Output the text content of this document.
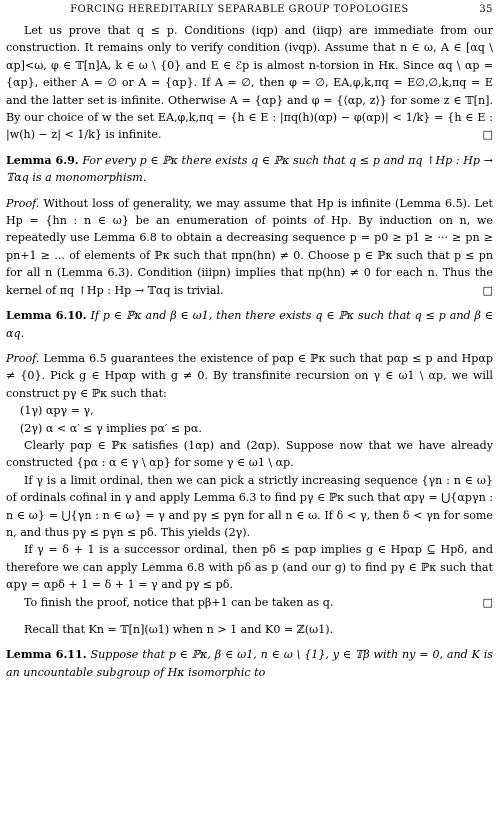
FORCING HEREDITARILY SEPARABLE GROUP TOPOLOGIES	35

Let us prove that q ≤ p. Conditions (iqp) and (iiqp) are immediate from our construction. It remains only to verify condition (ivqp). Assume that n ∈ ω, A ∈ [αq \ αp]<ω, φ ∈ 𝕋[n]A, k ∈ ω \ {0} and E ∈ ℰp is almost n-torsion in Hκ. Since αq \ αp = {αp}, either A = ∅ or A = {αp}. If A = ∅, then φ = ∅, EA,φ,k,πq = E∅,∅,k,πq = E and the latter set is infinite. Otherwise A = {αp} and φ = {⟨αp, z⟩} for some z ∈ 𝕋[n]. By our choice of w the set EA,φ,k,πq = {h ∈ E : |πq(h)(αp) − φ(αp)| < 1/k} = {h ∈ E : |w(h) − z| < 1/k} is infinite.	□

Lemma 6.9. For every p ∈ ℙκ there exists q ∈ ℙκ such that q ≤ p and πq ↾Hp : Hp → 𝕋αq is a monomorphism.

Proof. Without loss of generality, we may assume that Hp is infinite (Lemma 6.5). Let Hp = {hn : n ∈ ω} be an enumeration of points of Hp. By induction on n, we repeatedly use Lemma 6.8 to obtain a decreasing sequence p = p0 ≥ p1 ≥ ··· ≥ pn ≥ pn+1 ≥ ... of elements of ℙκ such that πpn(hn) ≠ 0. Choose p ∈ ℙκ such that p ≤ pn for all n (Lemma 6.3). Condition (iiipn) implies that πp(hn) ≠ 0 for each n. Thus the kernel of πq ↾Hp : Hp → 𝕋αq is trivial.	□

Lemma 6.10. If p ∈ ℙκ and β ∈ ω1, then there exists q ∈ ℙκ such that q ≤ p and β ∈ αq.

Proof. Lemma 6.5 guarantees the existence of pαp ∈ ℙκ such that pαp ≤ p and Hpαp ≠ {0}. Pick g ∈ Hpαp with g ≠ 0. By transfinite recursion on γ ∈ ω1 \ αp, we will construct pγ ∈ ℙκ such that:

(1γ) αpγ = γ,

(2γ) α < α′ ≤ γ implies pα′ ≤ pα.

Clearly pαp ∈ ℙκ satisfies (1αp) and (2αp). Suppose now that we have already constructed {pα : α ∈ γ \ αp} for some γ ∈ ω1 \ αp.

If γ is a limit ordinal, then we can pick a strictly increasing sequence {γn : n ∈ ω} of ordinals cofinal in γ and apply Lemma 6.3 to find pγ ∈ ℙκ such that αpγ = ⋃{αpγn : n ∈ ω} = ⋃{γn : n ∈ ω} = γ and pγ ≤ pγn for all n ∈ ω. If δ < γ, then δ < γn for some n, and thus pγ ≤ pγn ≤ pδ. This yields (2γ).

If γ = δ + 1 is a successor ordinal, then pδ ≤ pαp implies g ∈ Hpαp ⊆ Hpδ, and therefore we can apply Lemma 6.8 with pδ as p (and our g) to find pγ ∈ ℙκ such that αpγ = αpδ + 1 = δ + 1 = γ and pγ ≤ pδ.

To finish the proof, notice that pβ+1 can be taken as q.	□

Recall that Kn = 𝕋[n](ω1) when n > 1 and K0 = ℤ(ω1).

Lemma 6.11. Suppose that p ∈ ℙκ, β ∈ ω1, n ∈ ω \ {1}, y ∈ 𝕋β with ny = 0, and K is an uncountable subgroup of Hκ isomorphic to
